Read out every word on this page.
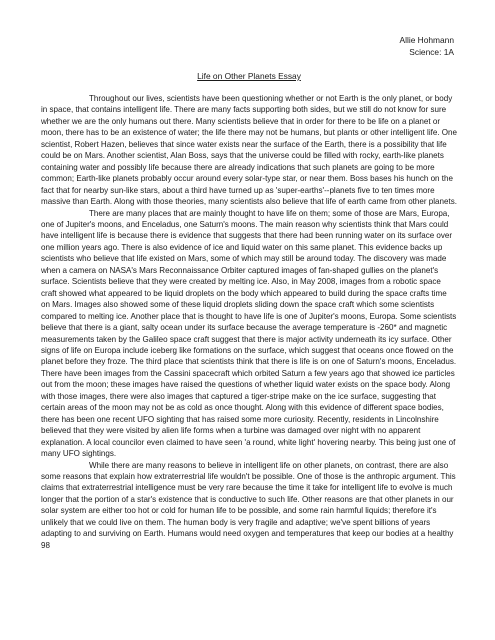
Allie Hohmann
Science: 1A
Life on Other Planets Essay

Throughout our lives, scientists have been questioning whether or not Earth is the only planet, or body in space, that contains intelligent life. There are many facts supporting both sides, but we still do not know for sure whether we are the only humans out there. Many scientists believe that in order for there to be life on a planet or moon, there has to be an existence of water; the life there may not be humans, but plants or other intelligent life. One scientist, Robert Hazen, believes that since water exists near the surface of the Earth, there is a possibility that life could be on Mars. Another scientist, Alan Boss, says that the universe could be filled with rocky, earth-like planets containing water and possibly life because there are already indications that such planets are going to be more common; Earth-like planets probably occur around every solar-type star, or near them. Boss bases his hunch on the fact that for nearby sun-like stars, about a third have turned up as 'super-earths'--planets five to ten times more massive than Earth. Along with those theories, many scientists also believe that life of earth came from other planets.

There are many places that are mainly thought to have life on them; some of those are Mars, Europa, one of Jupiter's moons, and Enceladus, one Saturn's moons. The main reason why scientists think that Mars could have intelligent life is because there is evidence that suggests that there had been running water on its surface over one million years ago. There is also evidence of ice and liquid water on this same planet. This evidence backs up scientists who believe that life existed on Mars, some of which may still be around today. The discovery was made when a camera on NASA's Mars Reconnaissance Orbiter captured images of fan-shaped gullies on the planet's surface. Scientists believe that they were created by melting ice. Also, in May 2008, images from a robotic space craft showed what appeared to be liquid droplets on the body which appeared to build during the space crafts time on Mars. Images also showed some of these liquid droplets sliding down the space craft which some scientists compared to melting ice. Another place that is thought to have life is one of Jupiter's moons, Europa. Some scientists believe that there is a giant, salty ocean under its surface because the average temperature is -260* and magnetic measurements taken by the Galileo space craft suggest that there is major activity underneath its icy surface. Other signs of life on Europa include iceberg like formations on the surface, which suggest that oceans once flowed on the planet before they froze. The third place that scientists think that there is life is on one of Saturn's moons, Enceladus. There have been images from the Cassini spacecraft which orbited Saturn a few years ago that showed ice particles out from the moon; these images have raised the questions of whether liquid water exists on the space body. Along with those images, there were also images that captured a tiger-stripe make on the ice surface, suggesting that certain areas of the moon may not be as cold as once thought. Along with this evidence of different space bodies, there has been one recent UFO sighting that has raised some more curiosity. Recently, residents in Lincolnshire believed that they were visited by alien life forms when a turbine was damaged over night with no apparent explanation. A local councilor even claimed to have seen 'a round, white light' hovering nearby. This being just one of many UFO sightings.

While there are many reasons to believe in intelligent life on other planets, on contrast, there are also some reasons that explain how extraterrestrial life wouldn't be possible. One of those is the anthropic argument. This claims that extraterrestrial intelligence must be very rare because the time it take for intelligent life to evolve is much longer that the portion of a star's existence that is conductive to such life. Other reasons are that other planets in our solar system are either too hot or cold for human life to be possible, and some rain harmful liquids; therefore it's unlikely that we could live on them. The human body is very fragile and adaptive; we've spent billions of years adapting to and surviving on Earth. Humans would need oxygen and temperatures that keep our bodies at a healthy 98
